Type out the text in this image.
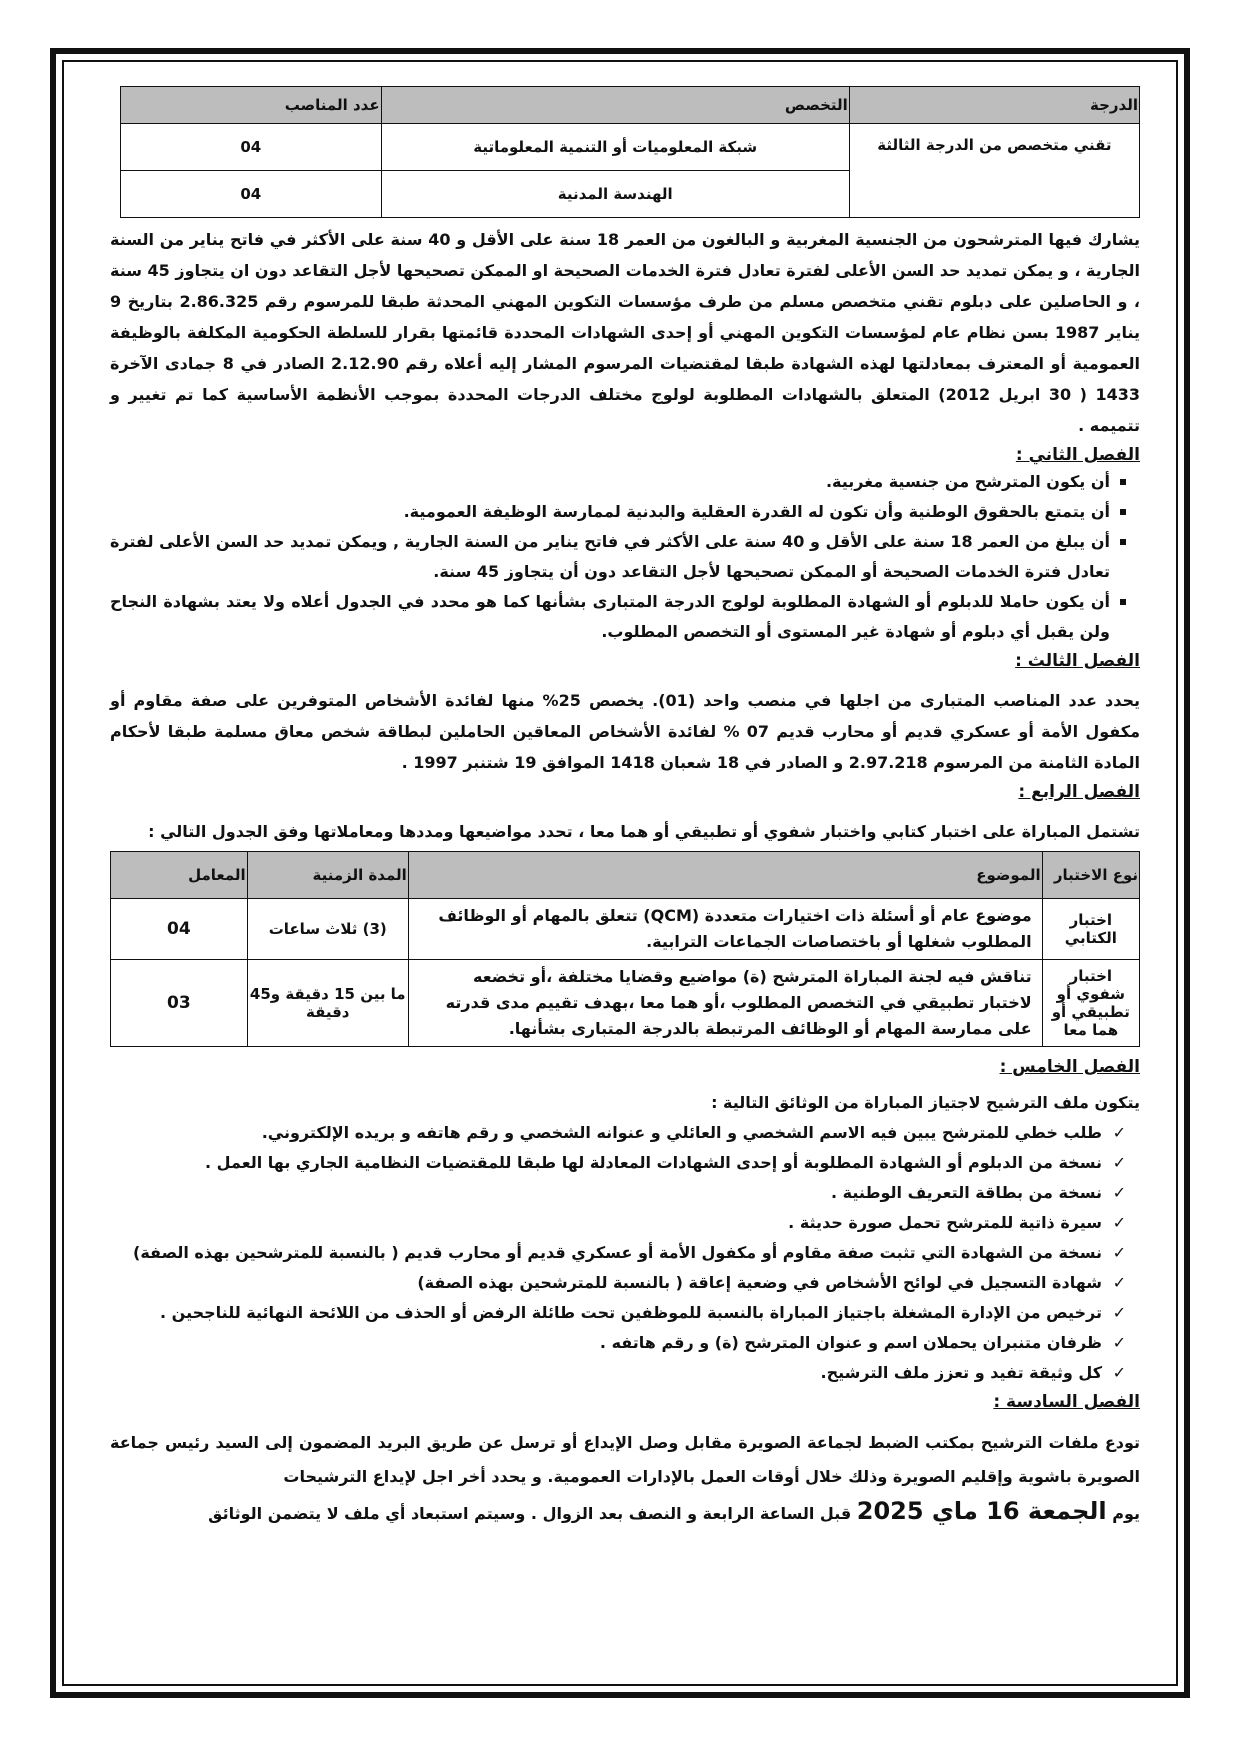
الدرجة	التخصص	عدد المناصب
تقني متخصص من الدرجة الثالثة	شبكة المعلوميات أو التنمية المعلوماتية	04
	الهندسة المدنية	04

يشارك فيها المترشحون من الجنسية المغربية و البالغون من العمر 18 سنة على الأقل و 40 سنة على الأكثر في فاتح يناير من السنة الجارية ، و يمكن تمديد حد السن الأعلى لفترة تعادل فترة الخدمات الصحيحة او الممكن تصحيحها لأجل التقاعد دون ان يتجاوز 45 سنة ، و الحاصلين على دبلوم تقني متخصص مسلم من طرف مؤسسات التكوين المهني المحدثة طبقا للمرسوم رقم 2.86.325 بتاريخ 9 يناير 1987 بسن نظام عام لمؤسسات التكوين المهني أو إحدى الشهادات المحددة قائمتها بقرار للسلطة الحكومية المكلفة بالوظيفة العمومية أو المعترف بمعادلتها لهذه الشهادة طبقا لمقتضيات المرسوم المشار إليه أعلاه رقم 2.12.90 الصادر في 8 جمادى الآخرة 1433 ( 30 ابريل 2012) المتعلق بالشهادات المطلوبة لولوج مختلف الدرجات المحددة بموجب الأنظمة الأساسية كما تم تغيير و تتميمه .

الفصل الثاني :
أن يكون المترشح من جنسية مغربية.
أن يتمتع بالحقوق الوطنية وأن تكون له القدرة العقلية والبدنية لممارسة الوظيفة العمومية.
أن يبلغ من العمر 18 سنة على الأقل و 40 سنة على الأكثر في فاتح يناير من السنة الجارية , ويمكن تمديد حد السن الأعلى لفترة تعادل فترة الخدمات الصحيحة أو الممكن تصحيحها لأجل التقاعد دون أن يتجاوز 45 سنة.
أن يكون حاملا للدبلوم أو الشهادة المطلوبة لولوج الدرجة المتبارى بشأنها كما هو محدد في الجدول أعلاه ولا يعتد بشهادة النجاح ولن يقبل أي دبلوم أو شهادة غير المستوى أو التخصص المطلوب.
الفصل الثالث :

يحدد عدد المناصب المتبارى من اجلها في منصب واحد (01). يخصص 25% منها لفائدة الأشخاص المتوفرين على صفة مقاوم أو مكفول الأمة أو عسكري قديم أو محارب قديم 07 % لفائدة الأشخاص المعاقين الحاملين لبطاقة شخص معاق مسلمة طبقا لأحكام المادة الثامنة من المرسوم 2.97.218 و الصادر في 18 شعبان 1418 الموافق 19 شتنبر 1997 .

الفصل الرابع :

تشتمل المباراة على اختبار كتابي واختبار شفوي أو تطبيقي أو هما معا ، تحدد مواضيعها ومددها ومعاملاتها وفق الجدول التالي :

نوع الاختبار	الموضوع	المدة الزمنية	المعامل
اختبار الكتابي	موضوع عام أو أسئلة ذات اختيارات متعددة (QCM) تتعلق بالمهام أو الوظائف المطلوب شغلها أو باختصاصات الجماعات الترابية.	(3) ثلاث ساعات	04
اختبار شفوي أو تطبيقي أو هما معا	تناقش فيه لجنة المباراة المترشح (ة) مواضيع وقضايا مختلفة ،أو تخضعه لاختبار تطبيقي في التخصص المطلوب ،أو هما معا ،بهدف تقييم مدى قدرته على ممارسة المهام أو الوظائف المرتبطة بالدرجة المتبارى بشأنها.	ما بين 15 دقيقة و45 دقيقة	03
الفصل الخامس :

يتكون ملف الترشيح لاجتياز المباراة من الوثائق التالية :

✓
طلب خطي للمترشح يبين فيه الاسم الشخصي و العائلي و عنوانه الشخصي و رقم هاتفه و بريده الإلكتروني.
✓
نسخة من الدبلوم أو الشهادة المطلوبة أو إحدى الشهادات المعادلة لها طبقا للمقتضيات النظامية الجاري بها العمل .
✓
نسخة من بطاقة التعريف الوطنية .
✓
سيرة ذاتية للمترشح تحمل صورة حديثة .
✓
نسخة من الشهادة التي تثبت صفة مقاوم أو مكفول الأمة أو عسكري قديم أو محارب قديم ( بالنسبة للمترشحين بهذه الصفة)
✓
شهادة التسجيل في لوائح الأشخاص في وضعية إعاقة ( بالنسبة للمترشحين بهذه الصفة)
✓
ترخيص من الإدارة المشغلة باجتياز المباراة بالنسبة للموظفين تحت طائلة الرفض أو الحذف من اللائحة النهائية للناجحين .
✓
ظرفان متنبران يحملان اسم و عنوان المترشح (ة) و رقم هاتفه .
✓
كل وثيقة تفيد و تعزز ملف الترشيح.
الفصل السادسة :

تودع ملفات الترشيح بمكتب الضبط لجماعة الصويرة مقابل وصل الإيداع أو ترسل عن طريق البريد المضمون إلى السيد رئيس جماعة الصويرة باشوية وإقليم الصويرة وذلك خلال أوقات العمل بالإدارات العمومية. و يحدد أخر اجل لإيداع الترشيحات

يوم الجمعة 16 ماي 2025 قبل الساعة الرابعة و النصف بعد الزوال . وسيتم استبعاد أي ملف لا يتضمن الوثائق
